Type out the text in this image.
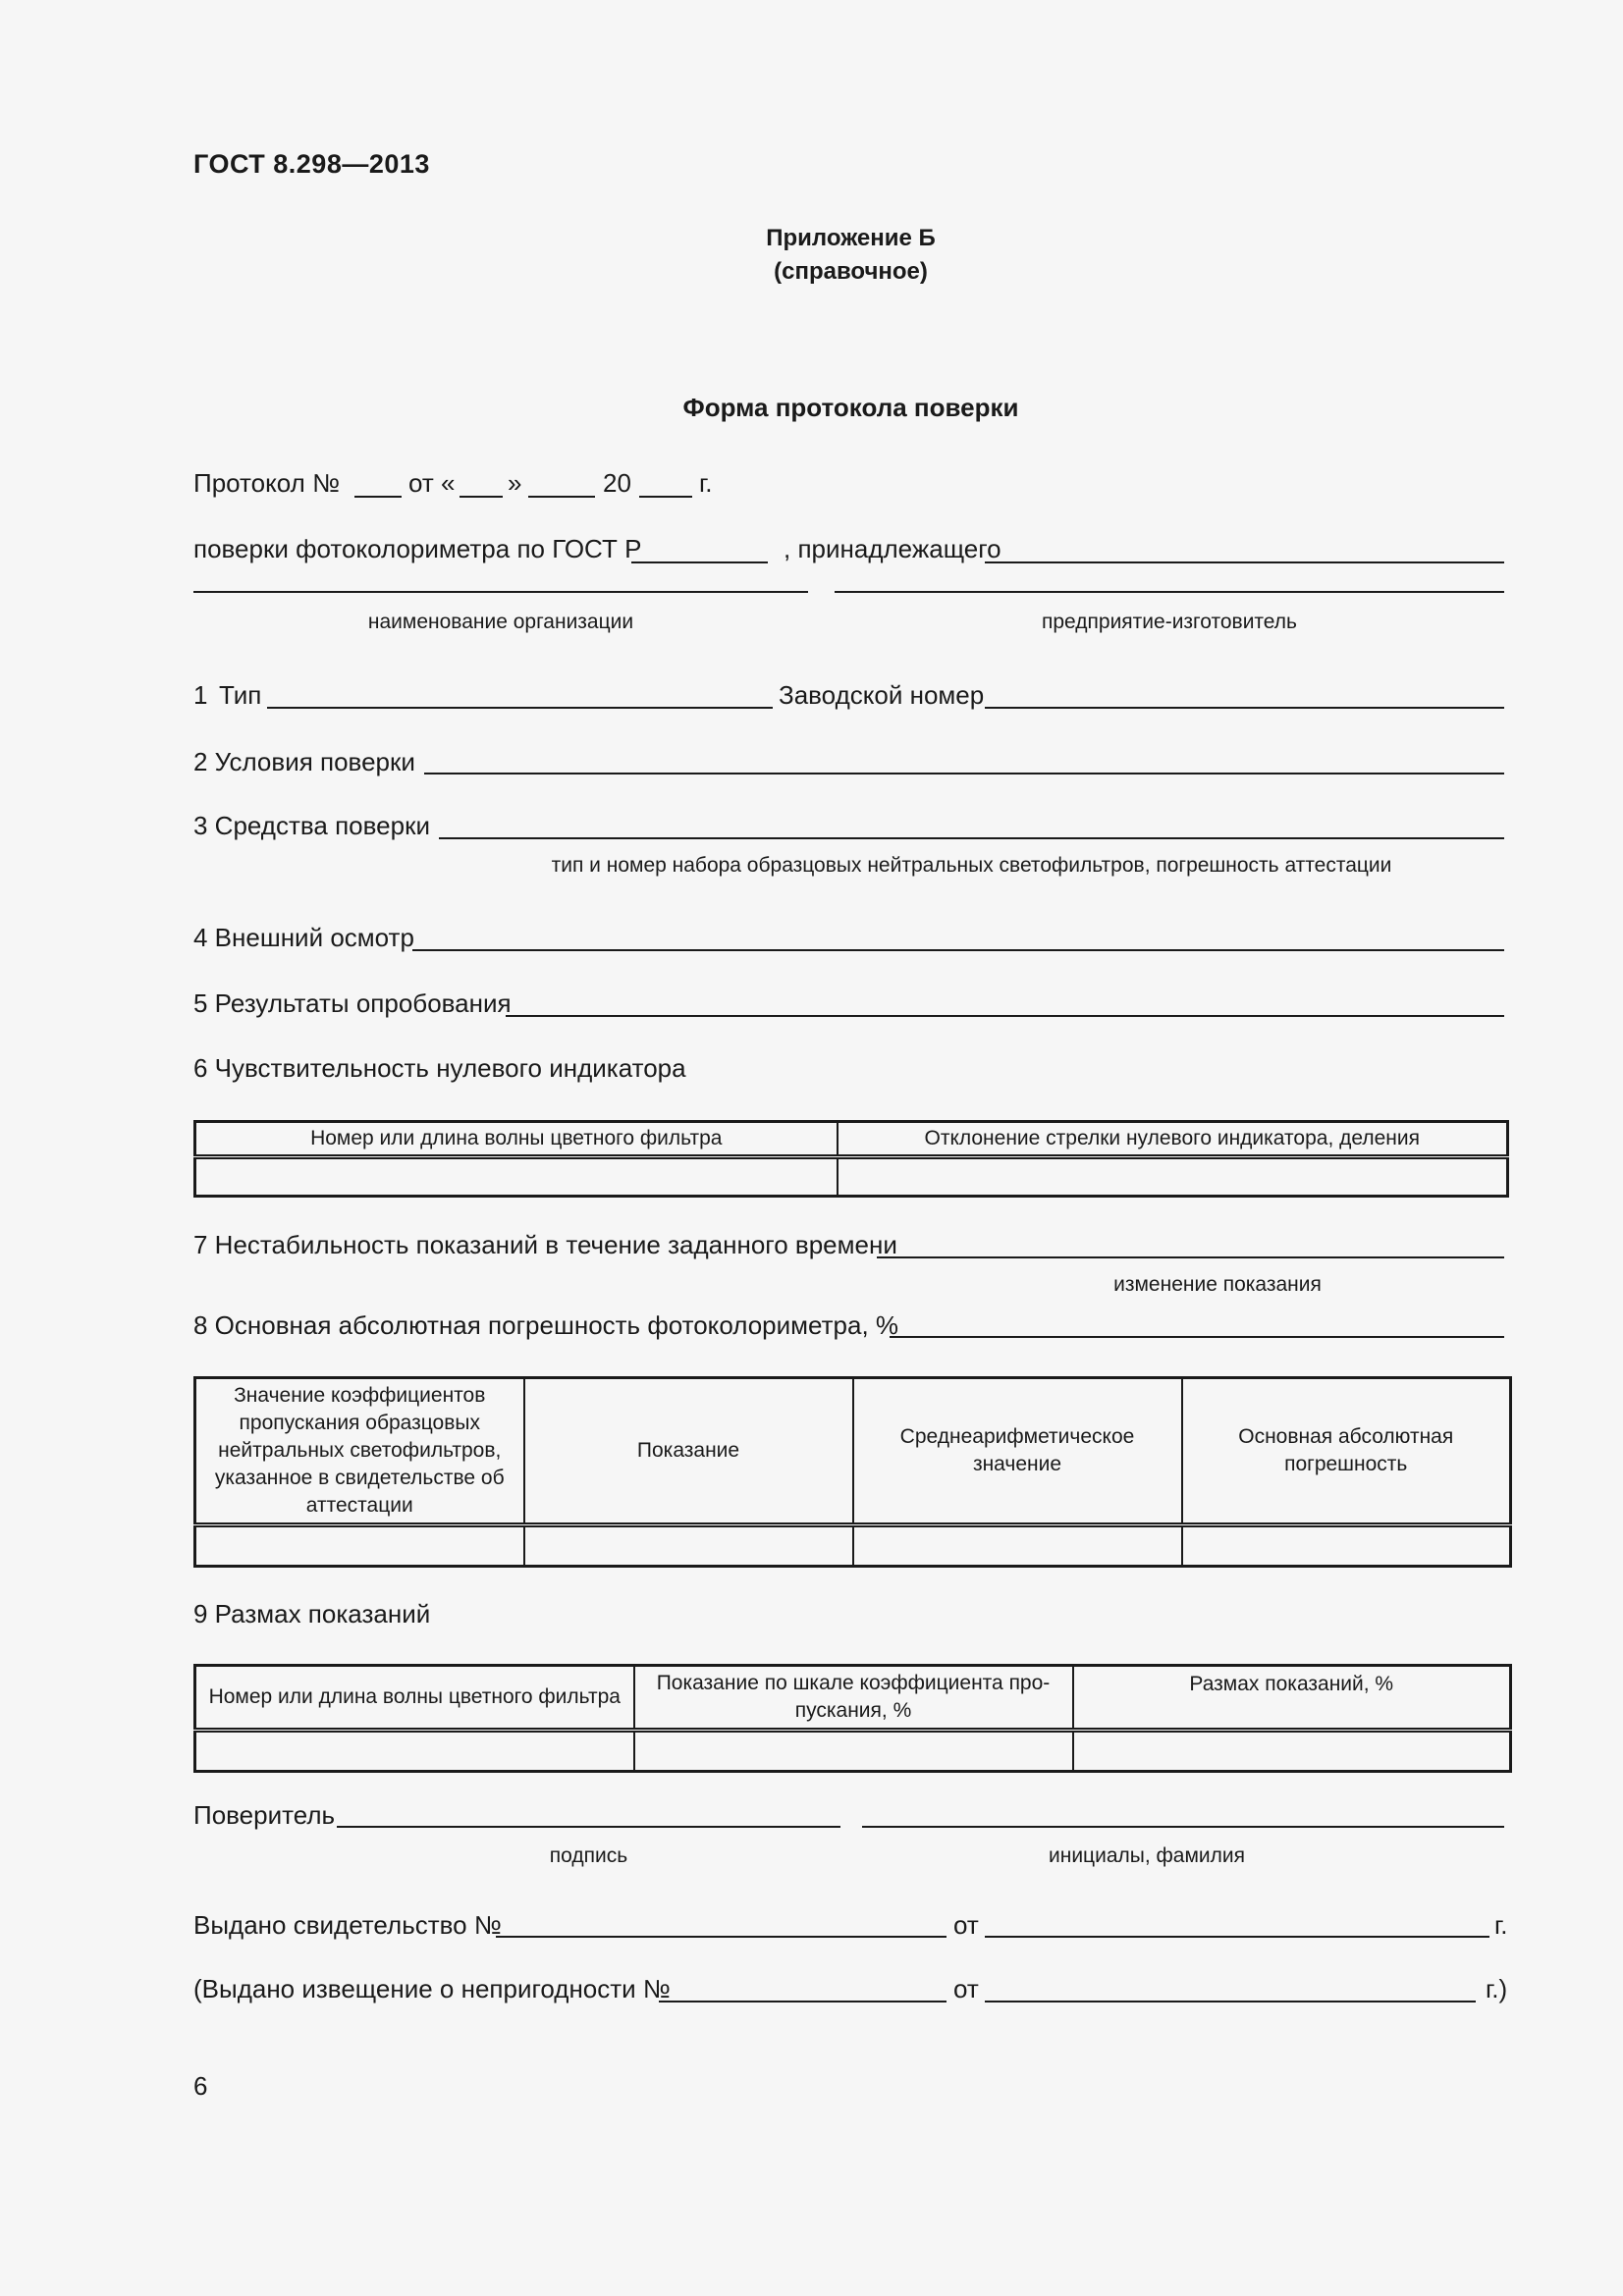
ГОСТ 8.298—2013
Приложение Б
(справочное)
Форма протокола поверки
Протокол №	от « »	20	г.
поверки фотоколориметра по ГОСТ Р	, принадлежащего
наименование организации	предприятие-изготовитель
1 Тип	Заводской номер
2 Условия поверки
3 Средства поверки
тип и номер набора образцовых нейтральных светофильтров, погрешность аттестации
4 Внешний осмотр
5 Результаты опробования
6 Чувствительность нулевого индикатора
Номер или длина волны цветного фильтра	Отклонение стрелки нулевого индикатора, деления

7 Нестабильность показаний в течение заданного времени
изменение показания
8 Основная абсолютная погрешность фотоколориметра, %
Значение коэффициентов пропускания образцовых нейтральных светофильтров, указанное в свидетельстве об аттестации	Показание	Среднеарифметическое значение	Основная абсолютная погрешность

9 Размах показаний
Номер или длина волны цветного фильтра	Показание по шкале коэффициента про-пускания, %	Размах показаний, %

Поверитель
подпись	инициалы, фамилия
Выдано свидетельство №	от	г.
(Выдано извещение о непригодности №	от	г.)
6
